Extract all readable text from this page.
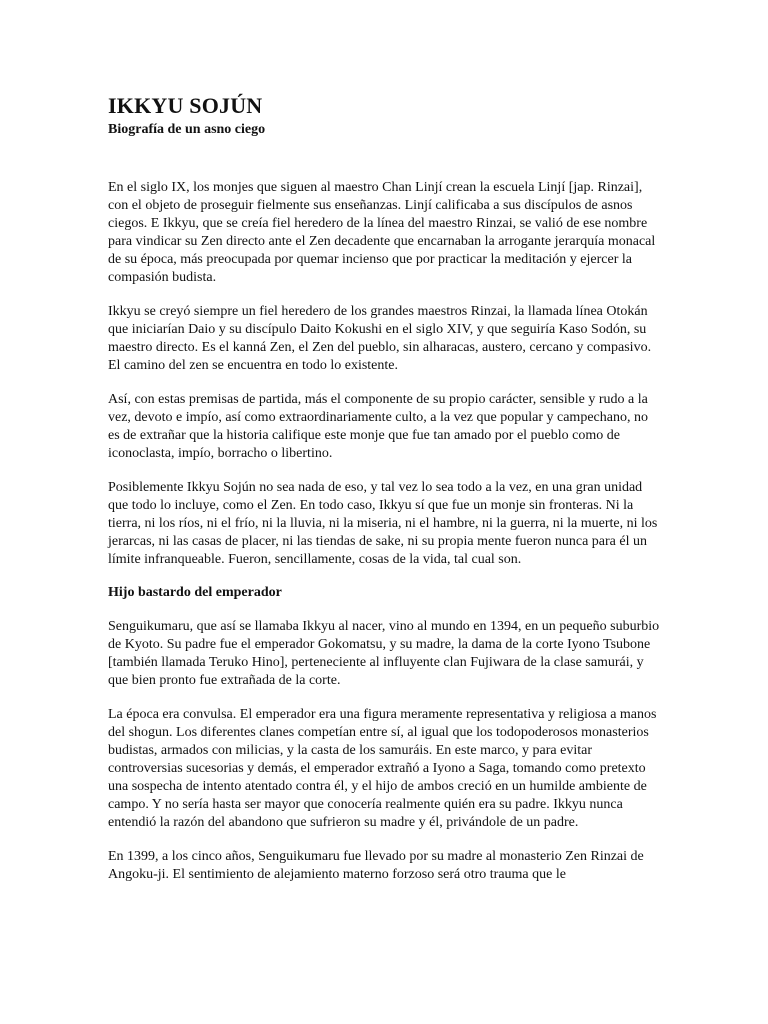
IKKYU SOJÚN

Biografía de un asno ciego

En el siglo IX, los monjes que siguen al maestro Chan Linjí crean la escuela Linjí [jap. Rinzai], con el objeto de proseguir fielmente sus enseñanzas. Linjí calificaba a sus discípulos de asnos ciegos. E Ikkyu, que se creía fiel heredero de la línea del maestro Rinzai, se valió de ese nombre para vindicar su Zen directo ante el Zen decadente que encarnaban la arrogante jerarquía monacal de su época, más preocupada por quemar incienso que por practicar la meditación y ejercer la compasión budista.

Ikkyu se creyó siempre un fiel heredero de los grandes maestros Rinzai, la llamada línea Otokán que iniciarían Daio y su discípulo Daito Kokushi en el siglo XIV, y que seguiría Kaso Sodón, su maestro directo. Es el kanná Zen, el Zen del pueblo, sin alharacas, austero, cercano y compasivo. El camino del zen se encuentra en todo lo existente.

Así, con estas premisas de partida, más el componente de su propio carácter, sensible y rudo a la vez, devoto e impío, así como extraordinariamente culto, a la vez que popular y campechano, no es de extrañar que la historia califique este monje que fue tan amado por el pueblo como de iconoclasta, impío, borracho o libertino.

Posiblemente Ikkyu Sojún no sea nada de eso, y tal vez lo sea todo a la vez, en una gran unidad que todo lo incluye, como el Zen. En todo caso, Ikkyu sí que fue un monje sin fronteras. Ni la tierra, ni los ríos, ni el frío, ni la lluvia, ni la miseria, ni el hambre, ni la guerra, ni la muerte, ni los jerarcas, ni las casas de placer, ni las tiendas de sake, ni su propia mente fueron nunca para él un límite infranqueable. Fueron, sencillamente, cosas de la vida, tal cual son.

Hijo bastardo del emperador

Senguikumaru, que así se llamaba Ikkyu al nacer, vino al mundo en 1394, en un pequeño suburbio de Kyoto. Su padre fue el emperador Gokomatsu, y su madre, la dama de la corte Iyono Tsubone [también llamada Teruko Hino], perteneciente al influyente clan Fujiwara de la clase samurái, y que bien pronto fue extrañada de la corte.

La época era convulsa. El emperador era una figura meramente representativa y religiosa a manos del shogun. Los diferentes clanes competían entre sí, al igual que los todopoderosos monasterios budistas, armados con milicias, y la casta de los samuráis. En este marco, y para evitar controversias sucesorias y demás, el emperador extrañó a Iyono a Saga, tomando como pretexto una sospecha de intento atentado contra él, y el hijo de ambos creció en un humilde ambiente de campo. Y no sería hasta ser mayor que conocería realmente quién era su padre. Ikkyu nunca entendió la razón del abandono que sufrieron su madre y él, privándole de un padre.

En 1399, a los cinco años, Senguikumaru fue llevado por su madre al monasterio Zen Rinzai de Angoku-ji. El sentimiento de alejamiento materno forzoso será otro trauma que le
